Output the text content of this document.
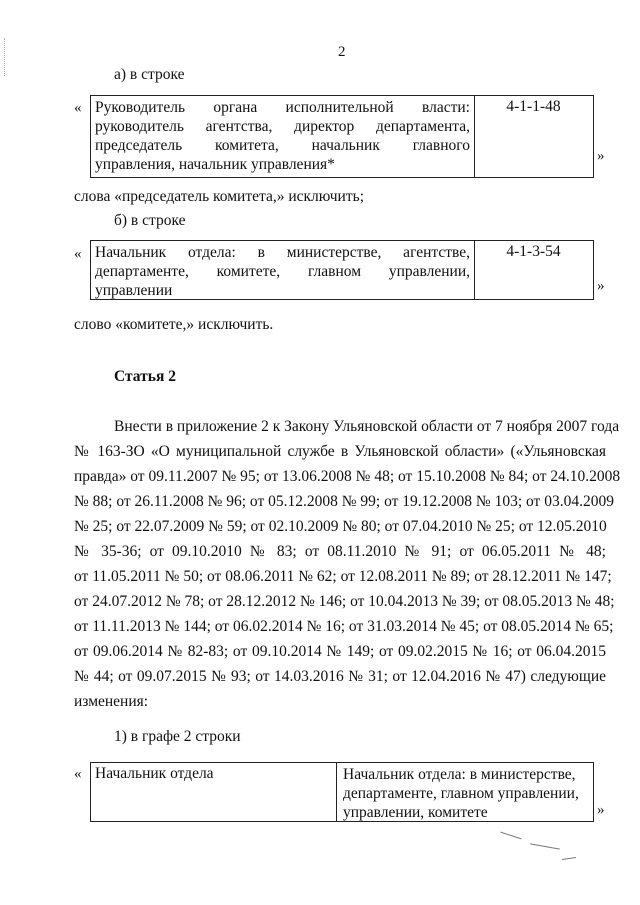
2
а) в строке
« Руководитель органа исполнительной власти:
руководитель агентства, директор департамента,
председатель комитета, начальник главного
управления, начальник управления*
4-1-1-48
»
слова «председатель комитета,» исключить;
б) в строке
« Начальник отдела: в министерстве, агентстве,
департаменте, комитете, главном управлении,
управлении
4-1-3-54
»
слово «комитете,» исключить.
Статья 2
Внести в приложение 2 к Закону Ульяновской области от 7 ноября 2007 года
№ 163-ЗО «О муниципальной службе в Ульяновской области» («Ульяновская
правда» от 09.11.2007 № 95; от 13.06.2008 № 48; от 15.10.2008 № 84; от 24.10.2008
№ 88; от 26.11.2008 № 96; от 05.12.2008 № 99; от 19.12.2008 № 103; от 03.04.2009
№ 25; от 22.07.2009 № 59; от 02.10.2009 № 80; от 07.04.2010 № 25; от 12.05.2010
№ 35-36; от 09.10.2010 № 83; от 08.11.2010 № 91; от 06.05.2011 № 48;
от 11.05.2011 № 50; от 08.06.2011 № 62; от 12.08.2011 № 89; от 28.12.2011 № 147;
от 24.07.2012 № 78; от 28.12.2012 № 146; от 10.04.2013 № 39; от 08.05.2013 № 48;
от 11.11.2013 № 144; от 06.02.2014 № 16; от 31.03.2014 № 45; от 08.05.2014 № 65;
от 09.06.2014 № 82-83; от 09.10.2014 № 149; от 09.02.2015 № 16; от 06.04.2015
№ 44; от 09.07.2015 № 93; от 14.03.2016 № 31; от 12.04.2016 № 47) следующие
изменения:
1) в графе 2 строки
« Начальник отдела	Начальник отдела: в министерстве,
департаменте, главном управлении,
управлении, комитете	»
